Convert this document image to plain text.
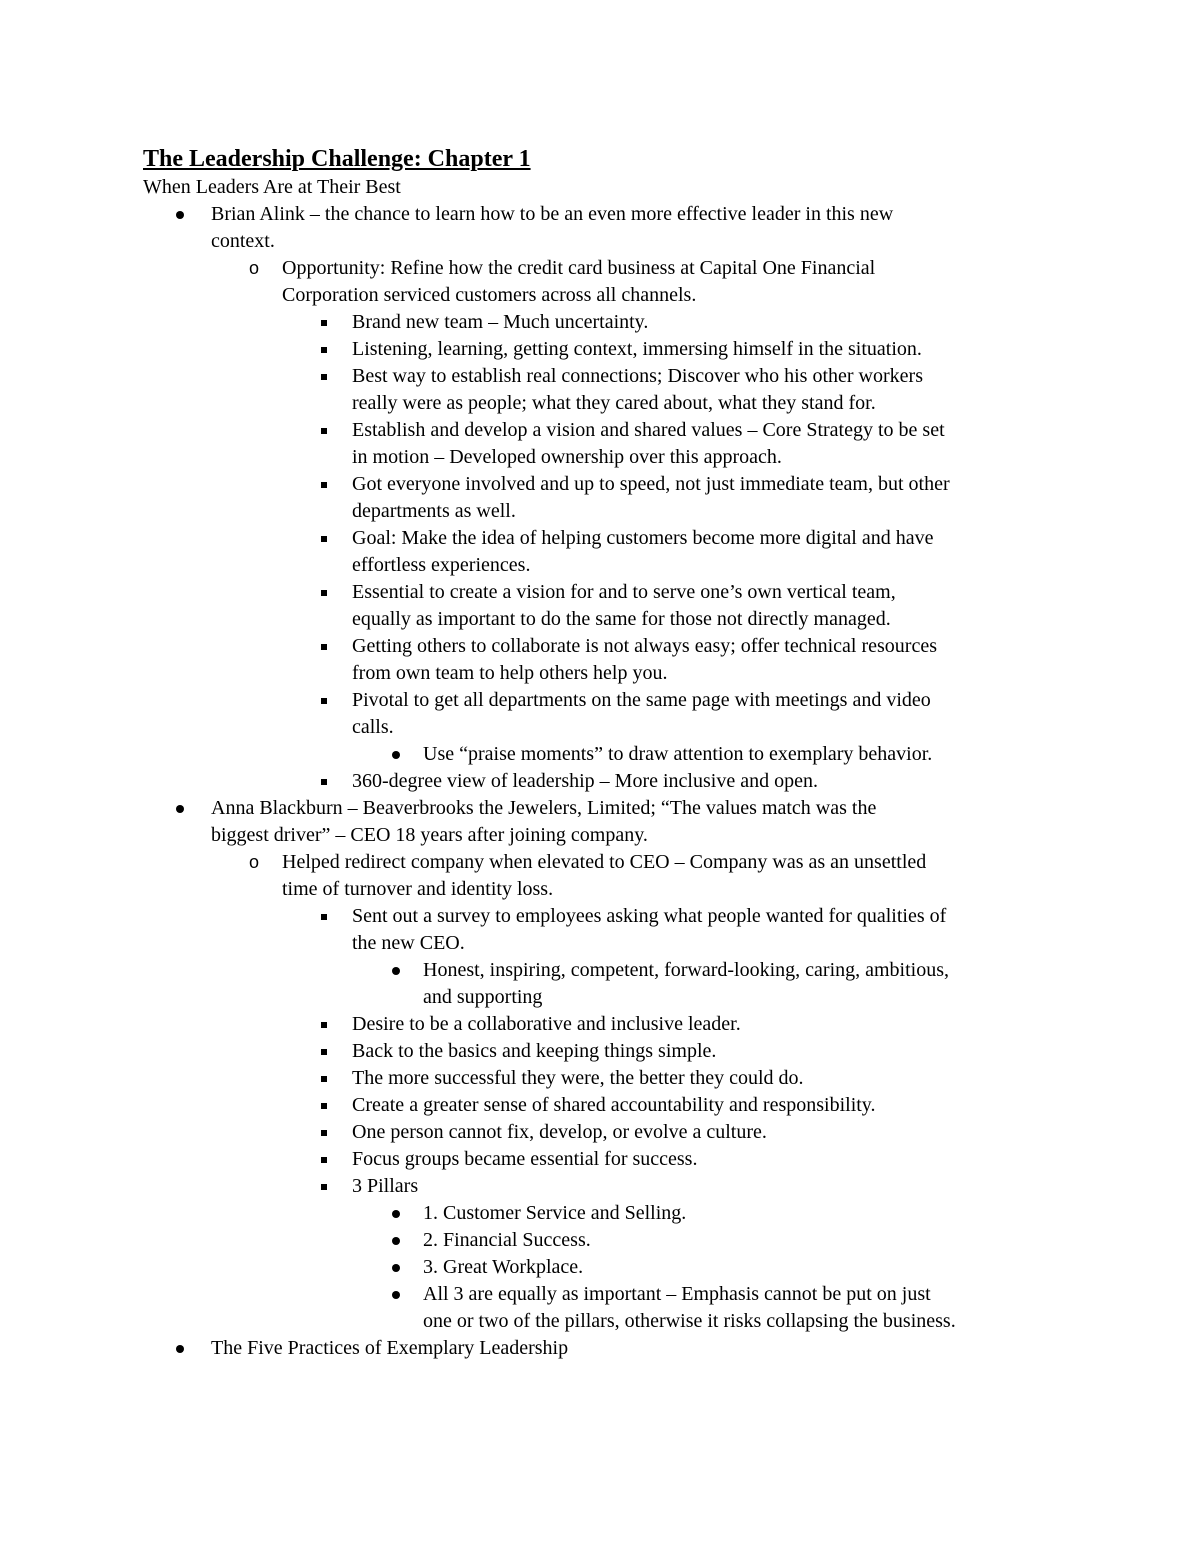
The Leadership Challenge: Chapter 1

When Leaders Are at Their Best

Brian Alink – the chance to learn how to be an even more effective leader in this new
context.
o Opportunity: Refine how the credit card business at Capital One Financial
Corporation serviced customers across all channels.
Brand new team – Much uncertainty.
Listening, learning, getting context, immersing himself in the situation.
Best way to establish real connections; Discover who his other workers
really were as people; what they cared about, what they stand for.
Establish and develop a vision and shared values – Core Strategy to be set
in motion – Developed ownership over this approach.
Got everyone involved and up to speed, not just immediate team, but other
departments as well.
Goal: Make the idea of helping customers become more digital and have
effortless experiences.
Essential to create a vision for and to serve one’s own vertical team,
equally as important to do the same for those not directly managed.
Getting others to collaborate is not always easy; offer technical resources
from own team to help others help you.
Pivotal to get all departments on the same page with meetings and video
calls.
Use “praise moments” to draw attention to exemplary behavior.
360-degree view of leadership – More inclusive and open.
Anna Blackburn – Beaverbrooks the Jewelers, Limited; “The values match was the
biggest driver” – CEO 18 years after joining company.
o Helped redirect company when elevated to CEO – Company was as an unsettled
time of turnover and identity loss.
Sent out a survey to employees asking what people wanted for qualities of
the new CEO.
Honest, inspiring, competent, forward-looking, caring, ambitious,
and supporting
Desire to be a collaborative and inclusive leader.
Back to the basics and keeping things simple.
The more successful they were, the better they could do.
Create a greater sense of shared accountability and responsibility.
One person cannot fix, develop, or evolve a culture.
Focus groups became essential for success.
3 Pillars
1. Customer Service and Selling.
2. Financial Success.
3. Great Workplace.
All 3 are equally as important – Emphasis cannot be put on just
one or two of the pillars, otherwise it risks collapsing the business.
The Five Practices of Exemplary Leadership
